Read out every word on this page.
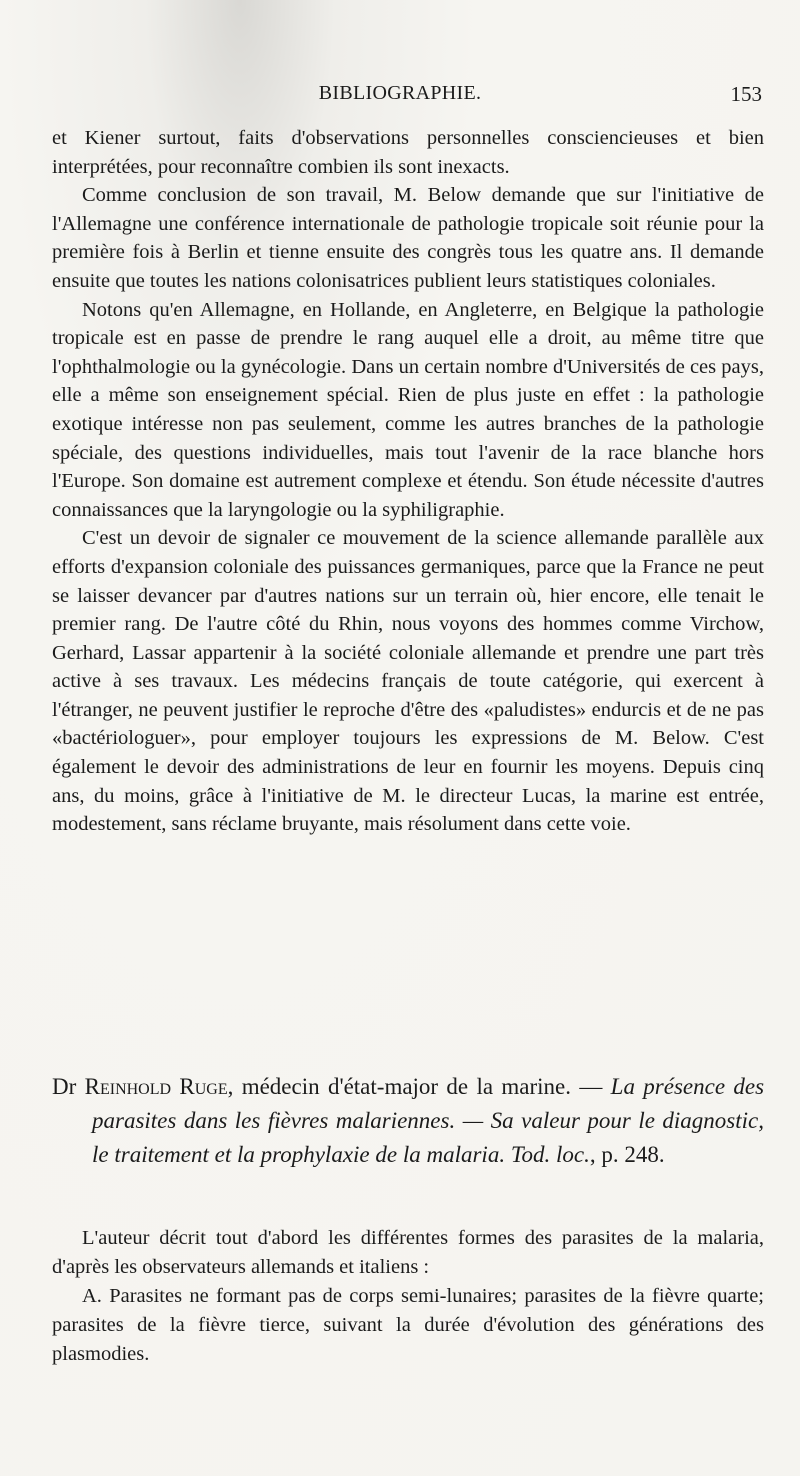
BIBLIOGRAPHIE.	153

et Kiener surtout, faits d'observations personnelles consciencieuses et bien interprétées, pour reconnaître combien ils sont inexacts.

Comme conclusion de son travail, M. Below demande que sur l'initiative de l'Allemagne une conférence internationale de pathologie tropicale soit réunie pour la première fois à Berlin et tienne ensuite des congrès tous les quatre ans. Il demande ensuite que toutes les nations colonisatrices publient leurs statistiques coloniales.

Notons qu'en Allemagne, en Hollande, en Angleterre, en Belgique la pathologie tropicale est en passe de prendre le rang auquel elle a droit, au même titre que l'ophthalmologie ou la gynécologie. Dans un certain nombre d'Universités de ces pays, elle a même son enseignement spécial. Rien de plus juste en effet : la pathologie exotique intéresse non pas seulement, comme les autres branches de la pathologie spéciale, des questions individuelles, mais tout l'avenir de la race blanche hors l'Europe. Son domaine est autrement complexe et étendu. Son étude nécessite d'autres connaissances que la laryngologie ou la syphiligraphie.

C'est un devoir de signaler ce mouvement de la science allemande parallèle aux efforts d'expansion coloniale des puissances germaniques, parce que la France ne peut se laisser devancer par d'autres nations sur un terrain où, hier encore, elle tenait le premier rang. De l'autre côté du Rhin, nous voyons des hommes comme Virchow, Gerhard, Lassar appartenir à la société coloniale allemande et prendre une part très active à ses travaux. Les médecins français de toute catégorie, qui exercent à l'étranger, ne peuvent justifier le reproche d'être des «paludistes» endurcis et de ne pas «bactériologuer», pour employer toujours les expressions de M. Below. C'est également le devoir des administrations de leur en fournir les moyens. Depuis cinq ans, du moins, grâce à l'initiative de M. le directeur Lucas, la marine est entrée, modestement, sans réclame bruyante, mais résolument dans cette voie.

Dr Reinhold Ruge, médecin d'état-major de la marine. — La présence des parasites dans les fièvres malariennes. — Sa valeur pour le diagnostic, le traitement et la prophylaxie de la malaria. Tod. loc., p. 248.

L'auteur décrit tout d'abord les différentes formes des parasites de la malaria, d'après les observateurs allemands et italiens :

A. Parasites ne formant pas de corps semi-lunaires; parasites de la fièvre quarte; parasites de la fièvre tierce, suivant la durée d'évolution des générations des plasmodies.
